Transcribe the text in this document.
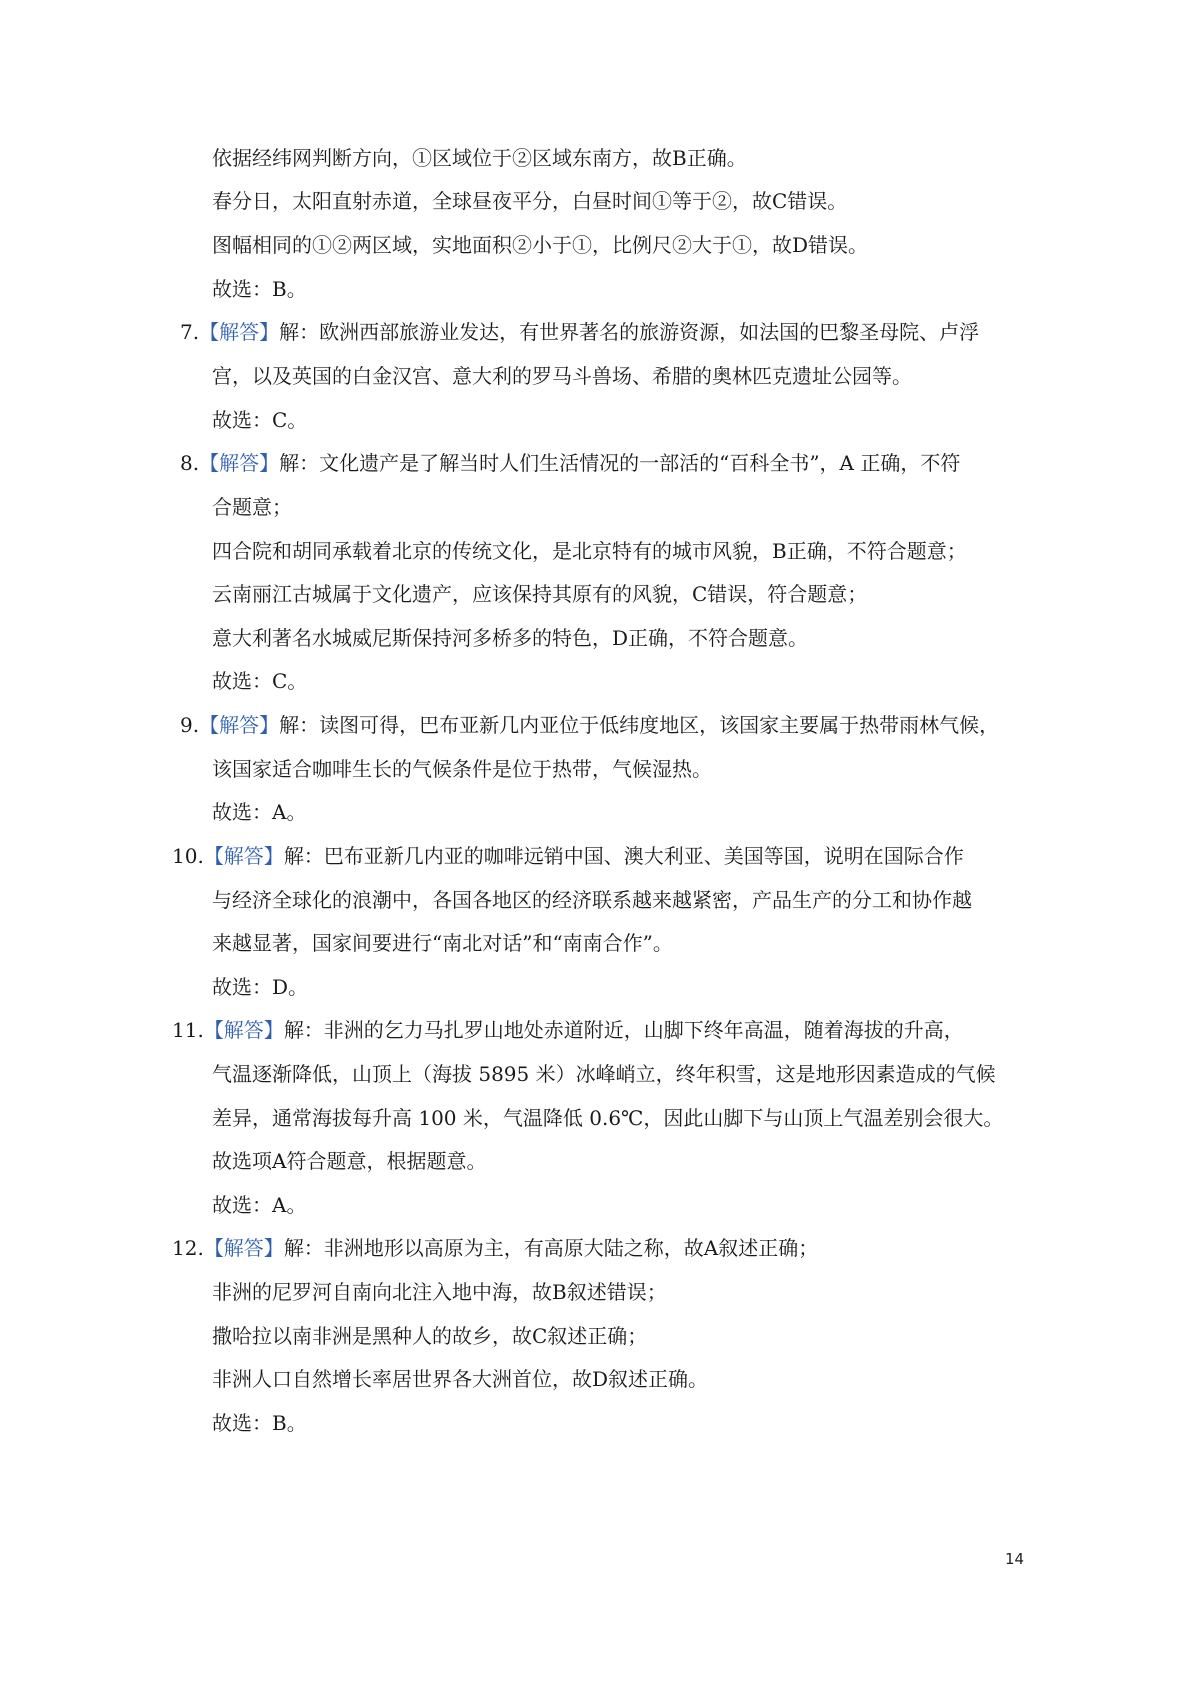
依据经纬网判断方向，①区域位于②区域东南方，故B正确。
春分日，太阳直射赤道，全球昼夜平分，白昼时间①等于②，故C错误。
图幅相同的①②两区域，实地面积②小于①，比例尺②大于①，故D错误。
故选：B。
7.【解答】解：欧洲西部旅游业发达，有世界著名的旅游资源，如法国的巴黎圣母院、卢浮
宫，以及英国的白金汉宫、意大利的罗马斗兽场、希腊的奥林匹克遗址公园等。
故选：C。
8.【解答】解：文化遗产是了解当时人们生活情况的一部活的“百科全书”，A 正确，不符
合题意；
四合院和胡同承载着北京的传统文化，是北京特有的城市风貌，B正确，不符合题意；
云南丽江古城属于文化遗产，应该保持其原有的风貌，C错误，符合题意；
意大利著名水城威尼斯保持河多桥多的特色，D正确，不符合题意。
故选：C。
9.【解答】解：读图可得，巴布亚新几内亚位于低纬度地区，该国家主要属于热带雨林气候，
该国家适合咖啡生长的气候条件是位于热带，气候湿热。
故选：A。
10.【解答】解：巴布亚新几内亚的咖啡远销中国、澳大利亚、美国等国，说明在国际合作
与经济全球化的浪潮中，各国各地区的经济联系越来越紧密，产品生产的分工和协作越
来越显著，国家间要进行“南北对话”和“南南合作”。
故选：D。
11.【解答】解：非洲的乞力马扎罗山地处赤道附近，山脚下终年高温，随着海拔的升高，
气温逐渐降低，山顶上（海拔 5895 米）冰峰峭立，终年积雪，这是地形因素造成的气候
差异，通常海拔每升高 100 米，气温降低 0.6℃，因此山脚下与山顶上气温差别会很大。
故选项A符合题意，根据题意。
故选：A。
12.【解答】解：非洲地形以高原为主，有高原大陆之称，故A叙述正确；
非洲的尼罗河自南向北注入地中海，故B叙述错误；
撒哈拉以南非洲是黑种人的故乡，故C叙述正确；
非洲人口自然增长率居世界各大洲首位，故D叙述正确。
故选：B。
14
